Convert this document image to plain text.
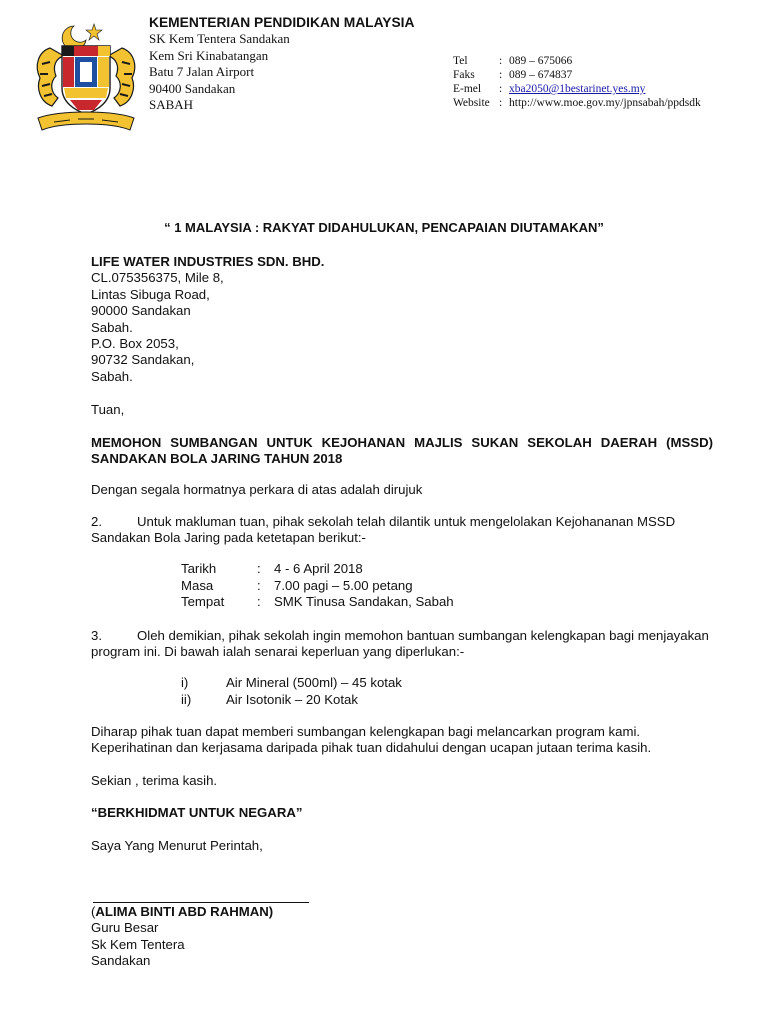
KEMENTERIAN PENDIDIKAN MALAYSIA
SK Kem Tentera Sandakan
Kem Sri Kinabatangan
Batu 7 Jalan Airport
90400 Sandakan
SABAH
Tel	: 089 – 675066
Faks	: 089 – 674837
E-mel	: xba2050@1bestarinet.yes.my
Website : http://www.moe.gov.my/jpnsabah/ppdsdk
“ 1 MALAYSIA : RAKYAT DIDAHULUKAN, PENCAPAIAN DIUTAMAKAN”
LIFE WATER INDUSTRIES SDN. BHD.
CL.075356375, Mile 8,
Lintas Sibuga Road,
90000 Sandakan
Sabah.
P.O. Box 2053,
90732 Sandakan,
Sabah.
Tuan,
MEMOHON SUMBANGAN UNTUK KEJOHANAN MAJLIS SUKAN SEKOLAH DAERAH (MSSD) SANDAKAN BOLA JARING TAHUN 2018
Dengan segala hormatnya perkara di atas adalah dirujuk
2.	Untuk makluman tuan, pihak sekolah telah dilantik untuk mengelolakan Kejohananan MSSD Sandakan Bola Jaring pada ketetapan berikut:-
Tarikh	:	4 - 6 April 2018
Masa	:	7.00 pagi – 5.00 petang
Tempat	:	SMK Tinusa Sandakan, Sabah
3.	Oleh demikian, pihak sekolah ingin memohon bantuan sumbangan kelengkapan bagi menjayakan program ini. Di bawah ialah senarai keperluan yang diperlukan:-
i)	Air Mineral (500ml) – 45 kotak
ii)	Air Isotonik – 20 Kotak
Diharap pihak tuan dapat memberi sumbangan kelengkapan bagi melancarkan program kami. Keperihatinan dan kerjasama daripada pihak tuan didahului dengan ucapan jutaan terima kasih.
Sekian , terima kasih.
“BERKHIDMAT UNTUK NEGARA”
Saya Yang Menurut Perintah,
(ALIMA BINTI ABD RAHMAN)
Guru Besar
Sk Kem Tentera
Sandakan
